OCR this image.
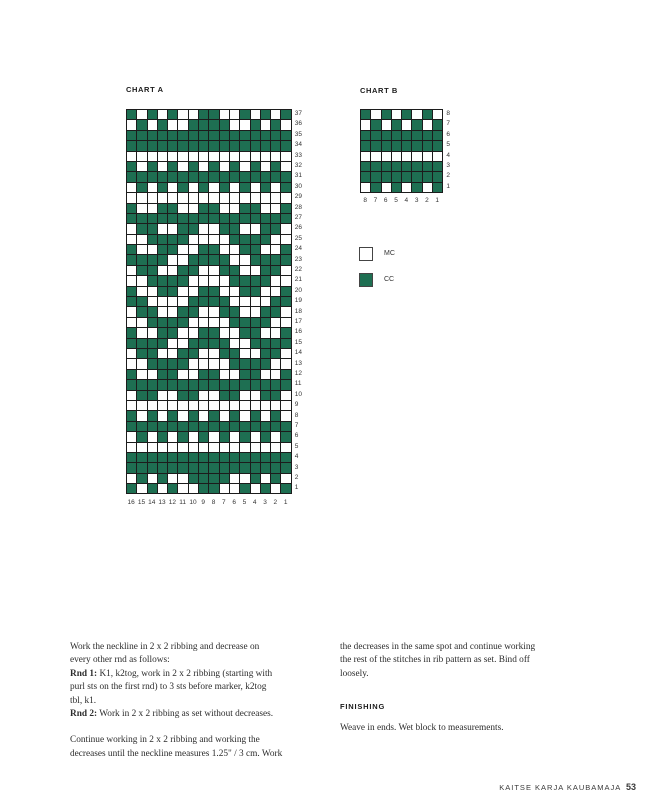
CHART A
37
36
35
34
33
32
31
30
29
28
27
26
25
24
23
22
21
20
19
18
17
16
15
14
13
12
11
10
9
8
7
6
5
4
3
2
1
16 15 14 13 12 11 10 9	8	7	6	5	4	3	2	1
CHART B
8
7
6
5
4
3
2
1
8	7	6	5	4	3	2	1
MC
CC

Work the neckline in 2 x 2 ribbing and decrease on
every other rnd as follows:

Rnd 1: K1, k2tog, work in 2 x 2 ribbing (starting with
purl sts on the first rnd) to 3 sts before marker, k2tog
tbl, k1.

Rnd 2: Work in 2 x 2 ribbing as set without decreases.

Continue working in 2 x 2 ribbing and working the
decreases until the neckline measures 1.25" / 3 cm. Work

the decreases in the same spot and continue working
the rest of the stitches in rib pattern as set. Bind off
loosely.

FINISHING
Weave in ends. Wet block to measurements.
KAITSE KARJA KAUBAMAJA 53
